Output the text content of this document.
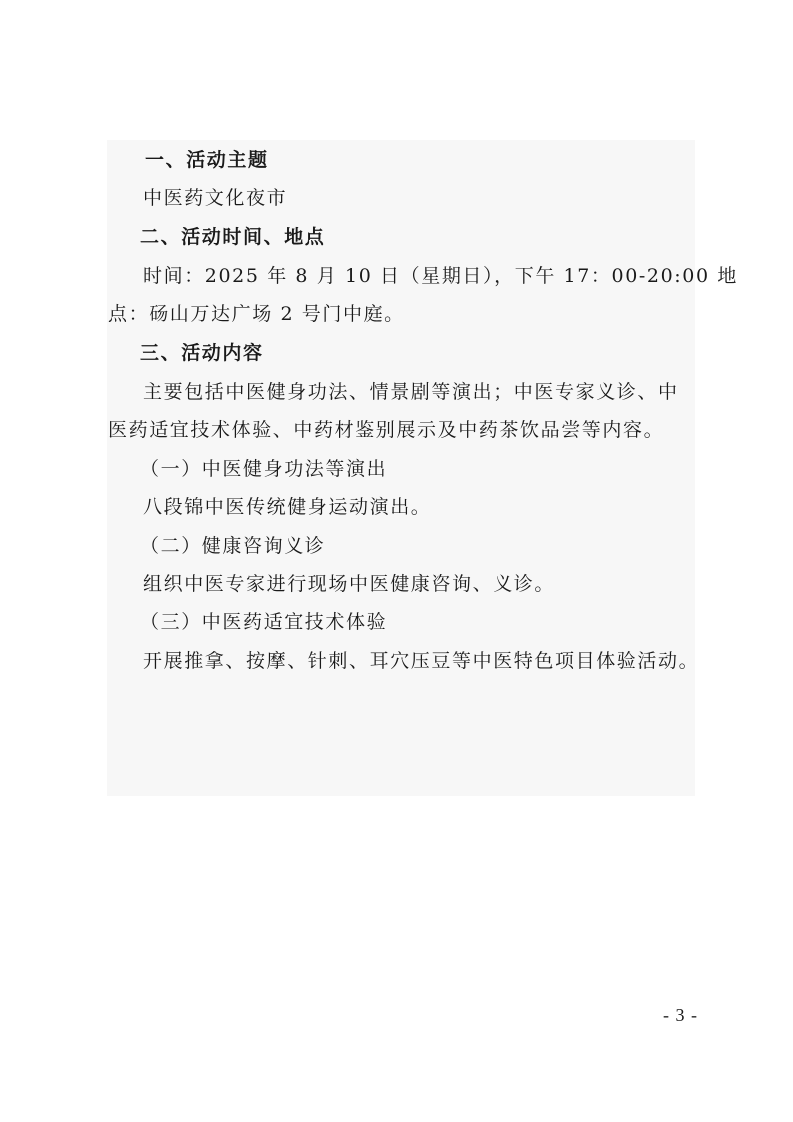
一、活动主题
中医药文化夜市
二、活动时间、地点
时间：2025 年 8 月 10 日（星期日），下午 17：00-20:00 地
点：砀山万达广场 2 号门中庭。
三、活动内容
主要包括中医健身功法、情景剧等演出；中医专家义诊、中
医药适宜技术体验、中药材鉴别展示及中药茶饮品尝等内容。
（一）中医健身功法等演出
八段锦中医传统健身运动演出。
（二）健康咨询义诊
组织中医专家进行现场中医健康咨询、义诊。
（三）中医药适宜技术体验
开展推拿、按摩、针刺、耳穴压豆等中医特色项目体验活动。
- 3 -
